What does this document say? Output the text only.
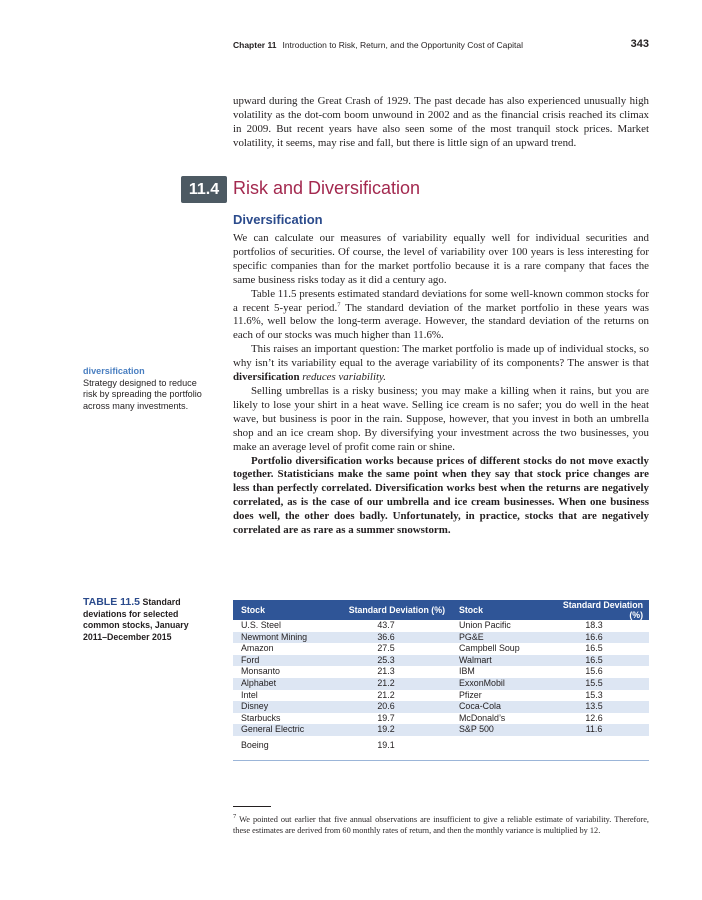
Chapter 11 Introduction to Risk, Return, and the Opportunity Cost of Capital	343

upward during the Great Crash of 1929. The past decade has also experienced unusually high volatility as the dot-com boom unwound in 2002 and as the financial crisis reached its climax in 2009. But recent years have also seen some of the most tranquil stock prices. Market volatility, it seems, may rise and fall, but there is little sign of an upward trend.

11.4 Risk and Diversification
Diversification

We can calculate our measures of variability equally well for individual securities and portfolios of securities. Of course, the level of variability over 100 years is less interesting for specific companies than for the market portfolio because it is a rare company that faces the same business risks today as it did a century ago.

Table 11.5 presents estimated standard deviations for some well-known common stocks for a recent 5-year period.$^7$ The standard deviation of the market portfolio in these years was 11.6%, well below the long-term average. However, the standard deviation of the returns on each of our stocks was much higher than 11.6%.

This raises an important question: The market portfolio is made up of individual stocks, so why isn’t its variability equal to the average variability of its components? The answer is that diversification reduces variability.

Selling umbrellas is a risky business; you may make a killing when it rains, but you are likely to lose your shirt in a heat wave. Selling ice cream is no safer; you do well in the heat wave, but business is poor in the rain. Suppose, however, that you invest in both an umbrella shop and an ice cream shop. By diversifying your investment across the two businesses, you make an average level of profit come rain or shine.

Portfolio diversification works because prices of different stocks do not move exactly together. Statisticians make the same point when they say that stock price changes are less than perfectly correlated. Diversification works best when the returns are negatively correlated, as is the case of our umbrella and ice cream businesses. When one business does well, the other does badly. Unfortunately, in practice, stocks that are negatively correlated are as rare as a summer snowstorm.

diversification
Strategy designed to reduce risk by spreading the portfolio across many investments.
TABLE 11.5 Standard deviations for selected common stocks, January 2011–December 2015
Stock	Standard Deviation (%)	Stock	Standard Deviation (%)
U.S. Steel	43.7	Union Pacific	18.3
Newmont Mining	36.6	PG&E	16.6
Amazon	27.5	Campbell Soup	16.5
Ford	25.3	Walmart	16.5
Monsanto	21.3	IBM	15.6
Alphabet	21.2	ExxonMobil	15.5
Intel	21.2	Pfizer	15.3
Disney	20.6	Coca-Cola	13.5
Starbucks	19.7	McDonald’s	12.6
General Electric	19.2	S&P 500	11.6
Boeing	19.1		

$^7$ We pointed out earlier that five annual observations are insufficient to give a reliable estimate of variability. Therefore, these estimates are derived from 60 monthly rates of return, and then the monthly variance is multiplied by 12.
